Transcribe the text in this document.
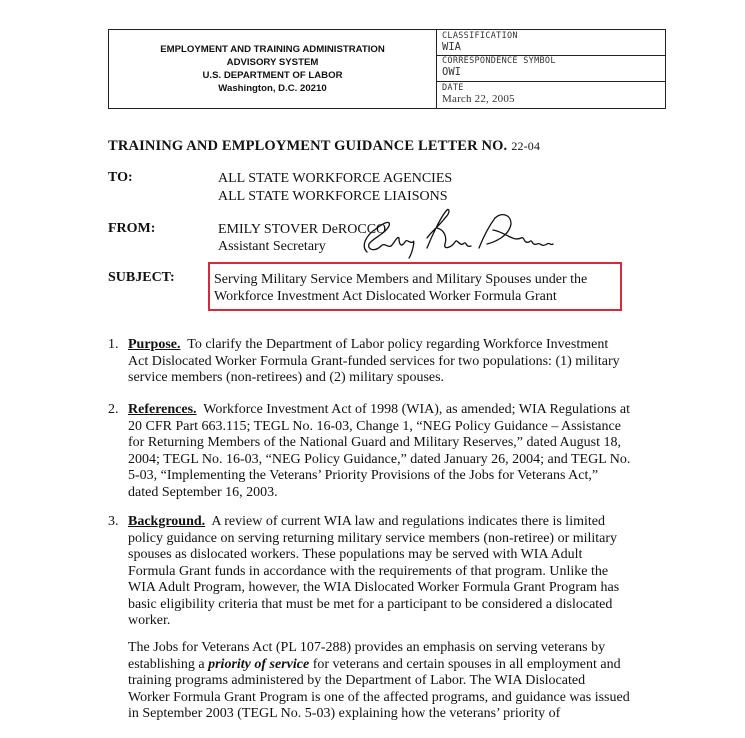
EMPLOYMENT AND TRAINING ADMINISTRATION
ADVISORY SYSTEM
U.S. DEPARTMENT OF LABOR
Washington, D.C. 20210
CLASSIFICATION
WIA
CORRESPONDENCE SYMBOL
OWI
DATE
March 22, 2005
TRAINING AND EMPLOYMENT GUIDANCE LETTER NO. 22-04
TO:	ALL STATE WORKFORCE AGENCIES
ALL STATE WORKFORCE LIAISONS
FROM:	EMILY STOVER DeROCCO
Assistant Secretary
SUBJECT:	Serving Military Service Members and Military Spouses under the
Workforce Investment Act Dislocated Worker Formula Grant
1. Purpose. To clarify the Department of Labor policy regarding Workforce Investment
Act Dislocated Worker Formula Grant-funded services for two populations: (1) military
service members (non-retirees) and (2) military spouses.
2. References. Workforce Investment Act of 1998 (WIA), as amended; WIA Regulations at
20 CFR Part 663.115; TEGL No. 16-03, Change 1, “NEG Policy Guidance – Assistance
for Returning Members of the National Guard and Military Reserves,” dated August 18,
2004; TEGL No. 16-03, “NEG Policy Guidance,” dated January 26, 2004; and TEGL No.
5-03, “Implementing the Veterans’ Priority Provisions of the Jobs for Veterans Act,”
dated September 16, 2003.
3. Background. A review of current WIA law and regulations indicates there is limited
policy guidance on serving returning military service members (non-retiree) or military
spouses as dislocated workers. These populations may be served with WIA Adult
Formula Grant funds in accordance with the requirements of that program. Unlike the
WIA Adult Program, however, the WIA Dislocated Worker Formula Grant Program has
basic eligibility criteria that must be met for a participant to be considered a dislocated
worker.
The Jobs for Veterans Act (PL 107-288) provides an emphasis on serving veterans by
establishing a priority of service for veterans and certain spouses in all employment and
training programs administered by the Department of Labor. The WIA Dislocated
Worker Formula Grant Program is one of the affected programs, and guidance was issued
in September 2003 (TEGL No. 5-03) explaining how the veterans’ priority of
